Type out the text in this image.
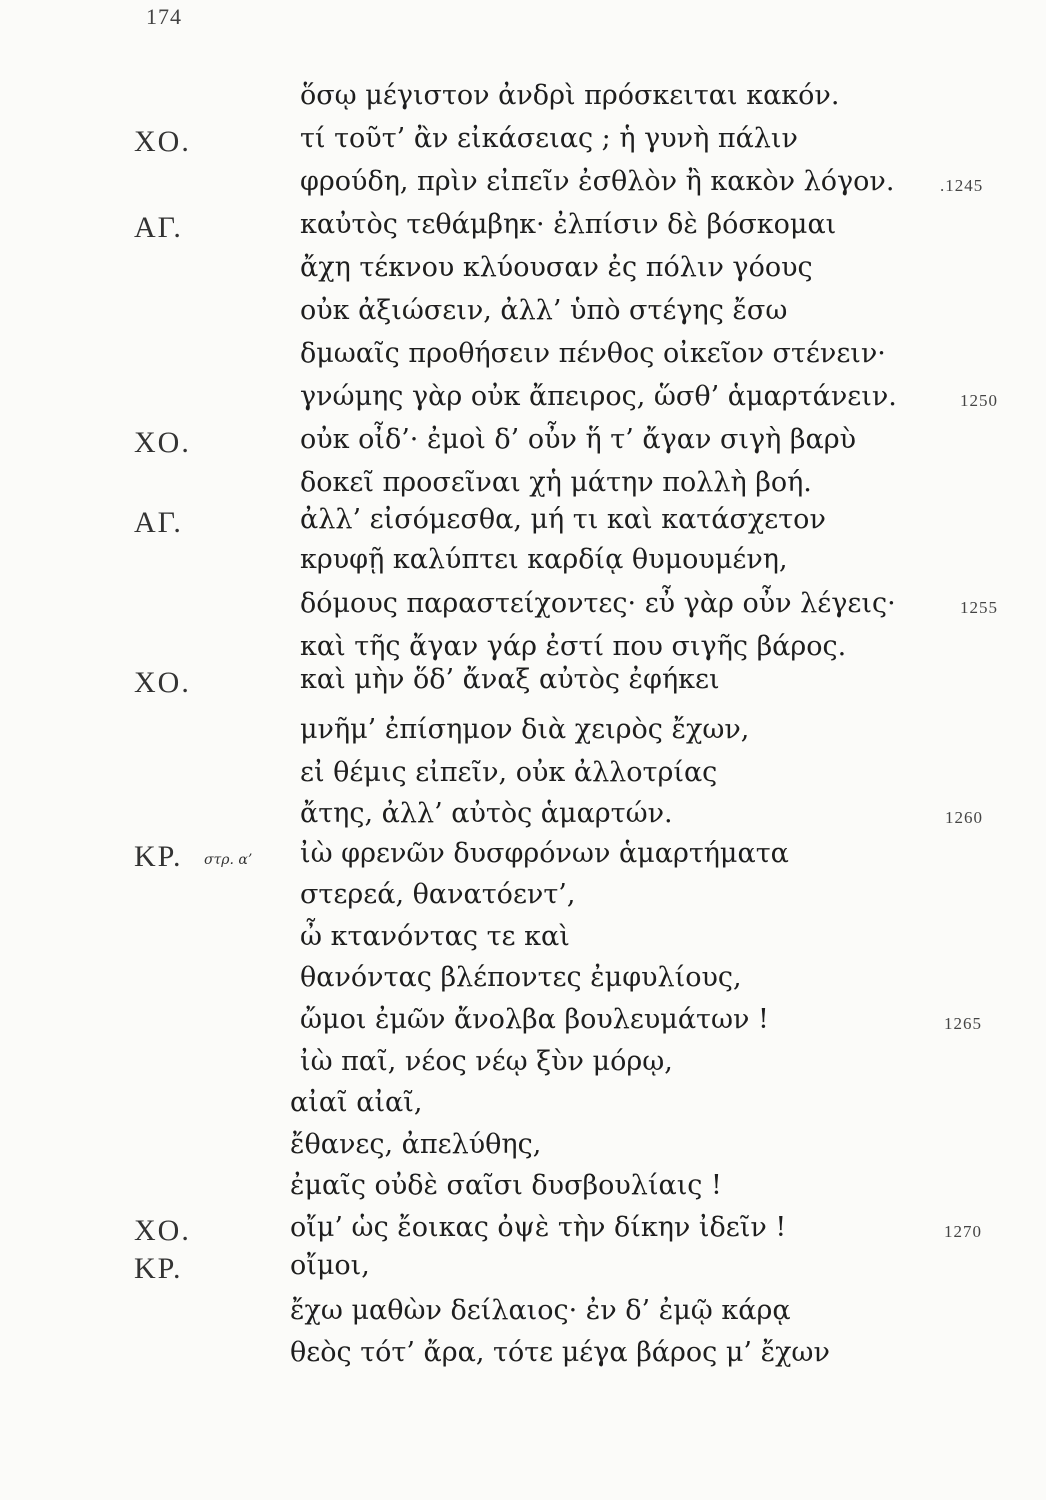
174
ὅσῳ μέγιστον ἀνδρὶ πρόσκειται κακόν.
ΧΟ.	τί τοῦτ’ ἂν εἰκάσειας ; ἡ γυνὴ πάλιν
φρούδη, πρὶν εἰπεῖν ἐσθλὸν ἢ κακὸν λόγον.	.1245
ΑΓ.	καὐτὸς τεθάμβηκ· ἐλπίσιν δὲ βόσκομαι
ἄχη τέκνου κλύουσαν ἐς πόλιν γόους
οὐκ ἀξιώσειν, ἀλλ’ ὑπὸ στέγης ἔσω
δμωαῖς προθήσειν πένθος οἰκεῖον στένειν·
γνώμης γὰρ οὐκ ἄπειρος, ὥσθ’ ἁμαρτάνειν.	1250
ΧΟ.	οὐκ οἶδ’· ἐμοὶ δ’ οὖν ἥ τ’ ἄγαν σιγὴ βαρὺ
δοκεῖ προσεῖναι χἡ μάτην πολλὴ βοή.
ΑΓ.	ἀλλ’ εἰσόμεσθα, μή τι καὶ κατάσχετον
κρυφῇ καλύπτει καρδίᾳ θυμουμένη,
δόμους παραστείχοντες· εὖ γὰρ οὖν λέγεις·	1255
καὶ τῆς ἄγαν γάρ ἐστί που σιγῆς βάρος.
ΧΟ.	καὶ μὴν ὅδ’ ἄναξ αὐτὸς ἐφήκει
μνῆμ’ ἐπίσημον διὰ χειρὸς ἔχων,
εἰ θέμις εἰπεῖν, οὐκ ἀλλοτρίας
ἄτης, ἀλλ’ αὐτὸς ἁμαρτών.	1260
ΚΡ. στρ. α’ ἰὼ φρενῶν δυσφρόνων ἁμαρτήματα
στερεά, θανατόεντ’,
ὦ κτανόντας τε καὶ
θανόντας βλέποντες ἐμφυλίους,
ὤμοι ἐμῶν ἄνολβα βουλευμάτων !	1265
ἰὼ παῖ, νέος νέῳ ξὺν μόρῳ,
αἰαῖ αἰαῖ,
ἔθανες, ἀπελύθης,
ἐμαῖς οὐδὲ σαῖσι δυσβουλίαις !
ΧΟ.	οἴμ’ ὡς ἔοικας ὀψὲ τὴν δίκην ἰδεῖν !	1270
ΚΡ.	οἴμοι,
ἔχω μαθὼν δείλαιος· ἐν δ’ ἐμῷ κάρᾳ
θεὸς τότ’ ἄρα, τότε μέγα βάρος μ’ ἔχων
